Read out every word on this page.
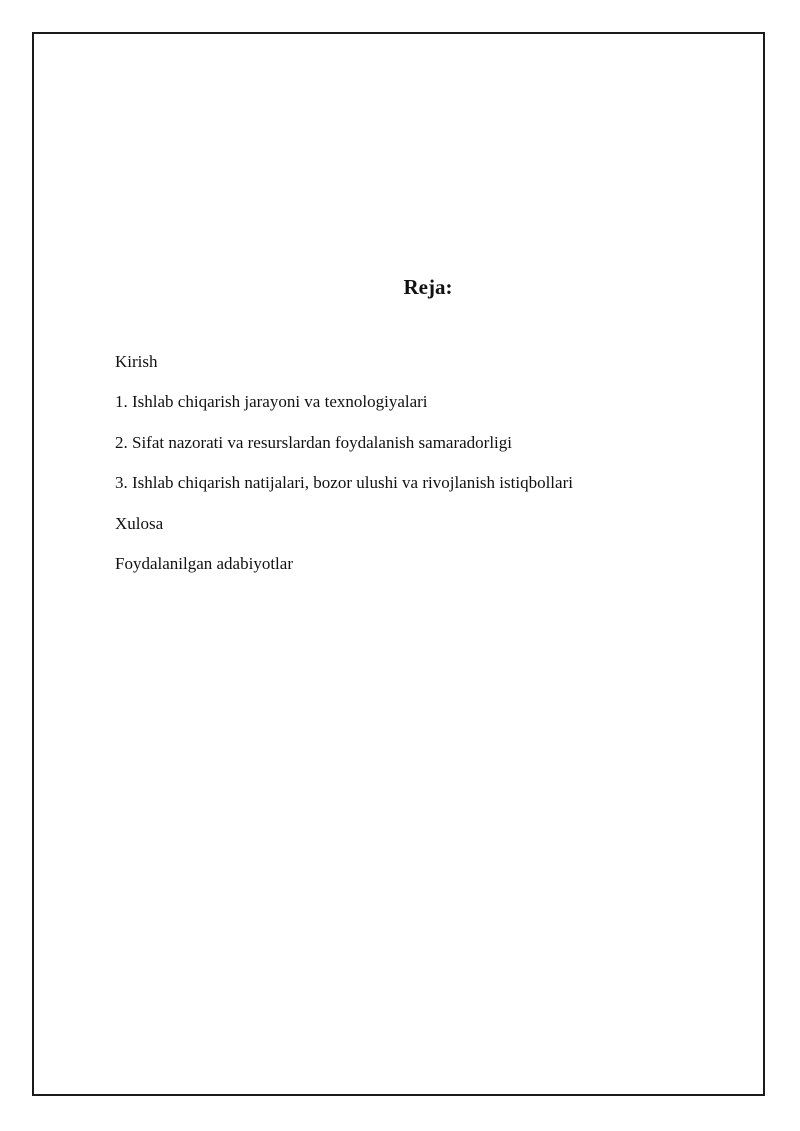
Reja:
Kirish
1. Ishlab chiqarish jarayoni va texnologiyalari
2. Sifat nazorati va resurslardan foydalanish samaradorligi
3. Ishlab chiqarish natijalari, bozor ulushi va rivojlanish istiqbollari
Xulosa
Foydalanilgan adabiyotlar
